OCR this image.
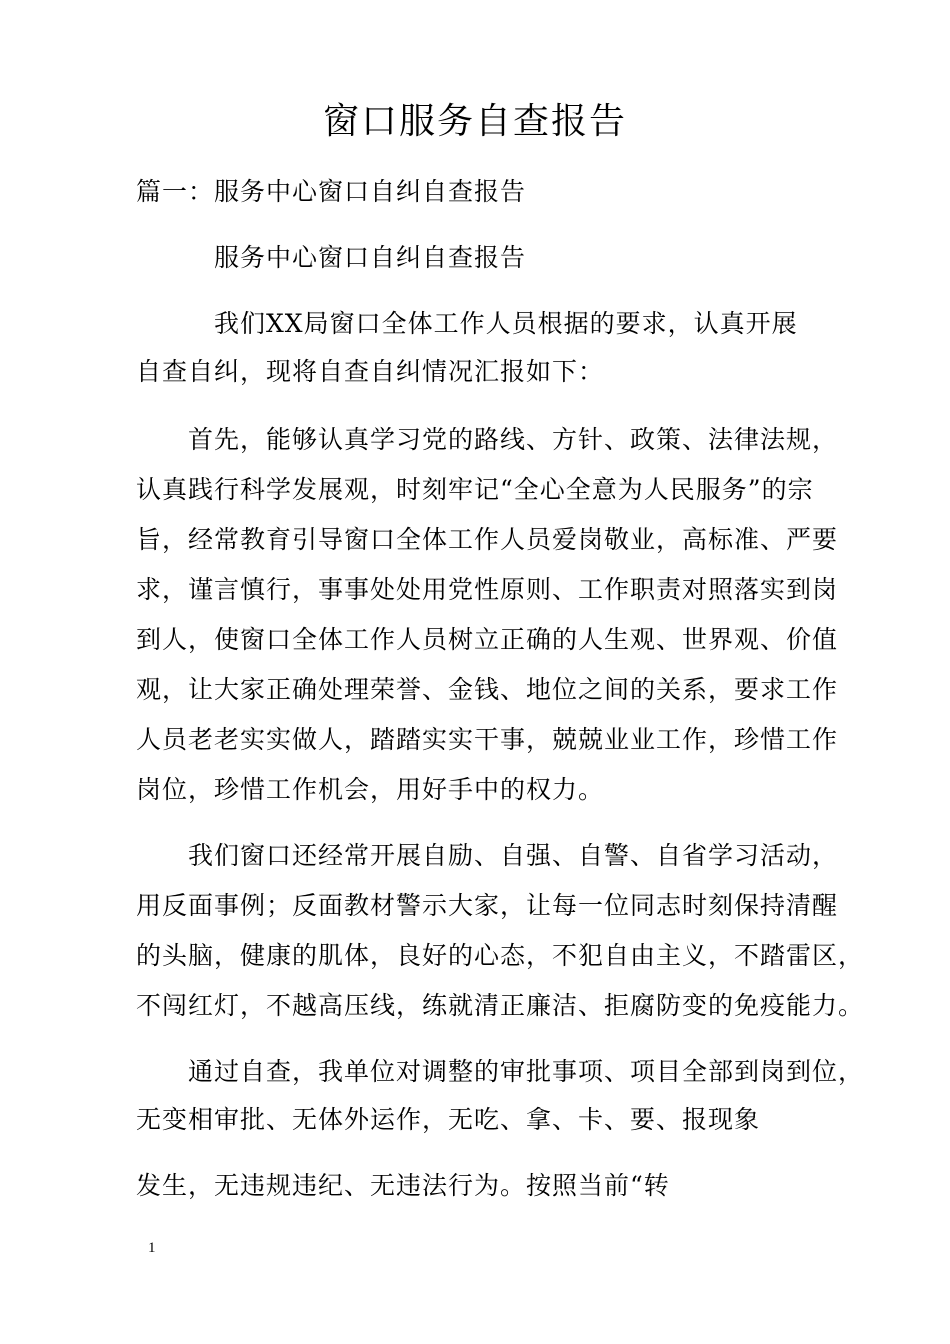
窗口服务自查报告
篇一：服务中心窗口自纠自查报告
服务中心窗口自纠自查报告
我们XX局窗口全体工作人员根据的要求，认真开展
自查自纠，现将自查自纠情况汇报如下：
首先，能够认真学习党的路线、方针、政策、法律法规，
认真践行科学发展观，时刻牢记“全心全意为人民服务”的宗
旨，经常教育引导窗口全体工作人员爱岗敬业，高标准、严要
求，谨言慎行，事事处处用党性原则、工作职责对照落实到岗
到人，使窗口全体工作人员树立正确的人生观、世界观、价值
观，让大家正确处理荣誉、金钱、地位之间的关系，要求工作
人员老老实实做人，踏踏实实干事，兢兢业业工作，珍惜工作
岗位，珍惜工作机会，用好手中的权力。
我们窗口还经常开展自励、自强、自警、自省学习活动，
用反面事例；反面教材警示大家，让每一位同志时刻保持清醒
的头脑，健康的肌体，良好的心态，不犯自由主义，不踏雷区，
不闯红灯，不越高压线，练就清正廉洁、拒腐防变的免疫能力。
通过自查，我单位对调整的审批事项、项目全部到岗到位，
无变相审批、无体外运作，无吃、拿、卡、要、报现象
发生，无违规违纪、无违法行为。按照当前“转
1
